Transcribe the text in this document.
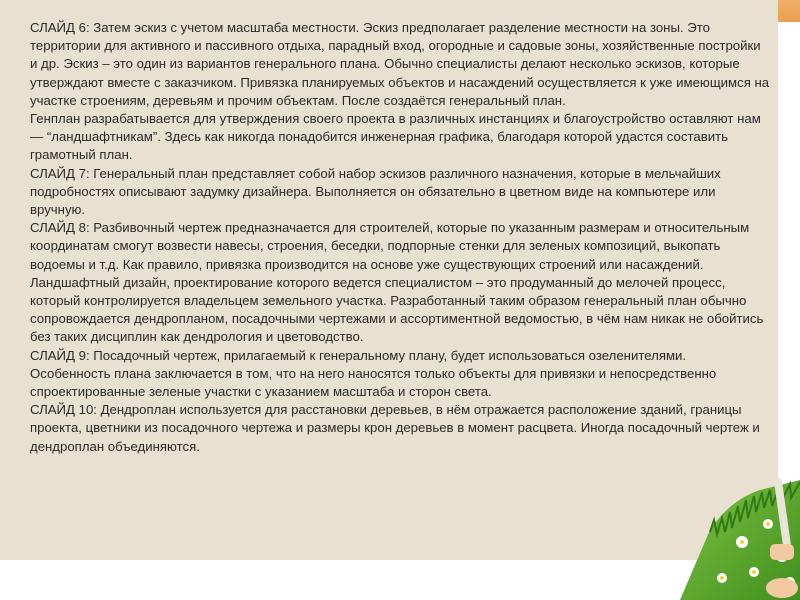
СЛАЙД 6: Затем эскиз с учетом масштаба местности. Эскиз предполагает разделение местности на зоны. Это территории для активного и пассивного отдыха, парадный вход, огородные и садовые зоны, хозяйственные постройки и др. Эскиз – это один из вариантов генерального плана. Обычно специалисты делают несколько эскизов, которые утверждают вместе с заказчиком. Привязка планируемых объектов и насаждений осуществляется к уже имеющимся на участке строениям, деревьям и прочим объектам. После создаётся генеральный план.

Генплан разрабатывается для утверждения своего проекта в различных инстанциях и благоустройство оставляют нам — “ландшафтникам”. Здесь как никогда понадобится инженерная графика, благодаря которой удастся составить грамотный план.

СЛАЙД 7: Генеральный план представляет собой набор эскизов различного назначения, которые в мельчайших подробностях описывают задумку дизайнера. Выполняется он обязательно в цветном виде на компьютере или вручную.

СЛАЙД 8: Разбивочный чертеж предназначается для строителей, которые по указанным размерам и относительным координатам смогут возвести навесы, строения, беседки, подпорные стенки для зеленых композиций, выкопать водоемы и т.д. Как правило, привязка производится на основе уже существующих строений или насаждений.

Ландшафтный дизайн, проектирование которого ведется специалистом – это продуманный до мелочей процесс, который контролируется владельцем земельного участка. Разработанный таким образом генеральный план обычно сопровождается дендропланом, посадочными чертежами и ассортиментной ведомостью, в чём нам никак не обойтись без таких дисциплин как дендрология и цветоводство.

СЛАЙД 9: Посадочный чертеж, прилагаемый к генеральному плану, будет использоваться озеленителями. Особенность плана заключается в том, что на него наносятся только объекты для привязки и непосредственно спроектированные зеленые участки с указанием масштаба и сторон света.

СЛАЙД 10: Дендроплан используется для расстановки деревьев, в нём отражается расположение зданий, границы проекта, цветники из посадочного чертежа и размеры крон деревьев в момент расцвета. Иногда посадочный чертеж и дендроплан объединяются.
